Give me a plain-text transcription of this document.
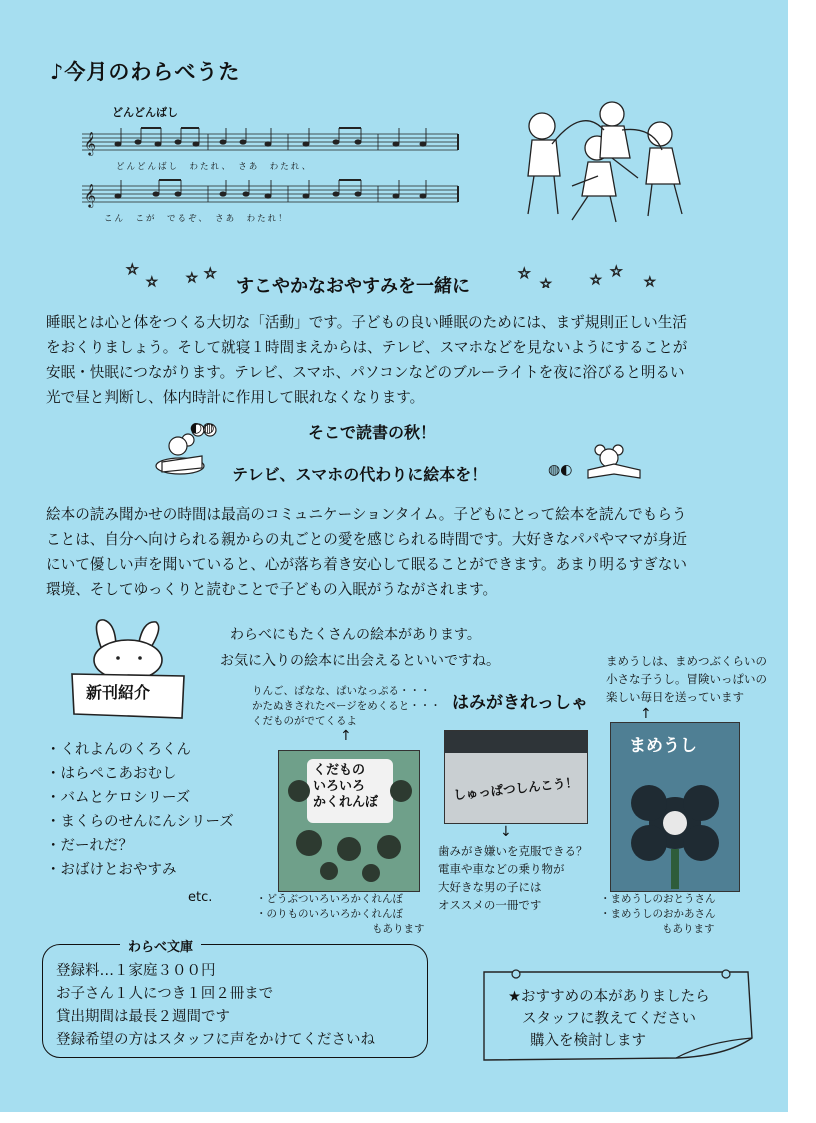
♪今月のわらべうた
どんどんばし
𝄞
𝄞
どんどんばし　わたれ、　さあ　わたれ、
こん　こが　でるぞ、　さあ　わたれ！
☆
☆ ☆ ☆	☆
☆	☆
☆
☆
すこやかなおやすみを一緒に
睡眠とは心と体をつくる大切な「活動」です。子どもの良い睡眠のためには、まず規則正しい生活
をおくりましょう。そして就寝１時間まえからは、テレビ、スマホなどを見ないようにすることが
安眠・快眠につながります。テレビ、スマホ、パソコンなどのブルーライトを夜に浴びると明るい
光で昼と判断し、体内時計に作用して眠れなくなります。
◐◍	そこで読書の秋！
テレビ、スマホの代わりに絵本を！	◍◐
絵本の読み聞かせの時間は最高のコミュニケーションタイム。子どもにとって絵本を読んでもらう
ことは、自分へ向けられる親からの丸ごとの愛を感じられる時間です。大好きなパパやママが身近
にいて優しい声を聞いていると、心が落ち着き安心して眠ることができます。あまり明るすぎない
環境、そしてゆっくりと読むことで子どもの入眠がうながされます。
わらべにもたくさんの絵本があります。
お気に入りの絵本に出会えるといいですね。
新刊紹介
・くれよんのくろくん
・はらぺこあおむし
・バムとケロシリーズ
・まくらのせんにんシリーズ
・だーれだ？
・おばけとおやすみ
etc.
りんご、ばなな、ぱいなっぷる・・・
かたぬきされたページをめくると・・・
くだものがでてくるよ
↑
くだもの
いろいろ
かくれんぼ
・どうぶついろいろかくれんぼ
・のりものいろいろかくれんぼ
もあります
はみがきれっしゃ
しゅっぱつしんこう！
↓
歯みがき嫌いを克服できる？
電車や車などの乗り物が
大好きな男の子には
オススメの一冊です
まめうしは、まめつぶくらいの
小さな子うし。冒険いっぱいの
楽しい毎日を送っています
↑
まめうし
・まめうしのおとうさん
・まめうしのおかあさん
もあります
わらべ文庫
登録料…１家庭３００円
お子さん１人につき１回２冊まで
貸出期間は最長２週間です
登録希望の方はスタッフに声をかけてくださいね
★おすすめの本がありましたら
スタッフに教えてください
購入を検討します
